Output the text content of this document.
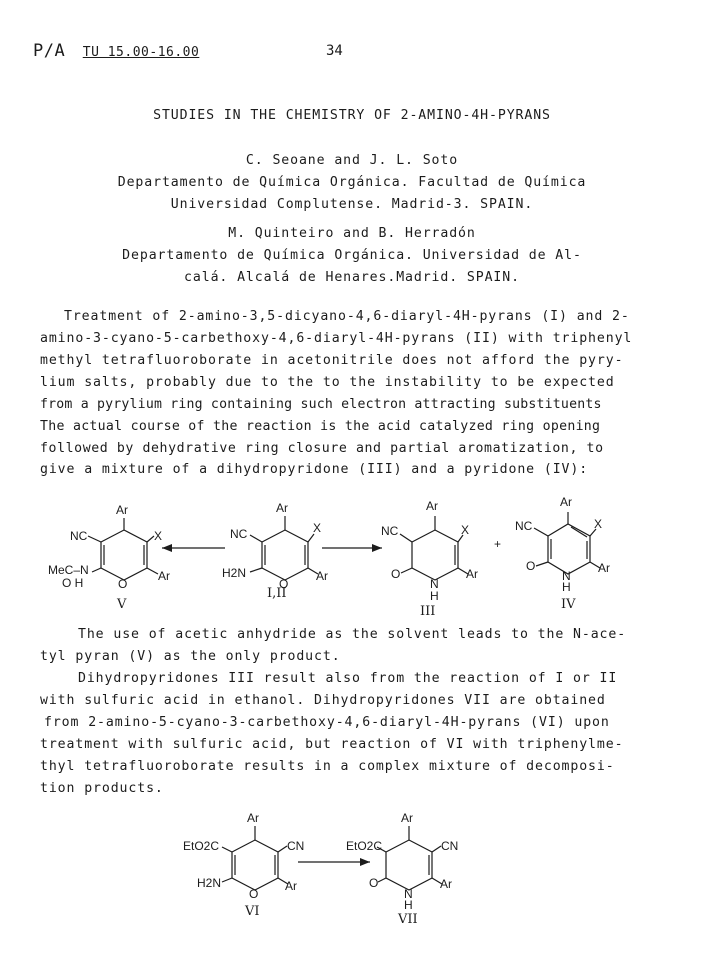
P/A TU 15.00-16.00	34
STUDIES IN THE CHEMISTRY OF 2-AMINO-4H-PYRANS
C. Seoane and J. L. Soto
Departamento de Química Orgánica. Facultad de Química
Universidad Complutense. Madrid-3. SPAIN.
M. Quinteiro and B. Herradón
Departamento de Química Orgánica. Universidad de Al-
calá. Alcalá de Henares.Madrid. SPAIN.
Treatment of 2-amino-3,5-dicyano-4,6-diaryl-4H-pyrans (I) and 2-
amino-3-cyano-5-carbethoxy-4,6-diaryl-4H-pyrans (II) with triphenyl
methyl tetrafluoroborate in acetonitrile does not afford the pyry-
lium salts, probably due to the to the instability to be expected
from a pyrylium ring containing such electron attracting substituents
The actual course of the reaction is the acid catalyzed ring opening
followed by dehydrative ring closure and partial aromatization, to
give a mixture of a dihydropyridone (III) and a pyridone (IV):
Ar
NC	X
O
Ar
MeC–N
O H
V
Ar
NC	X
O
Ar
H2N
I,II
Ar
NC	X
N
H
Ar
O
III
+
Ar
NC	X
N
H
Ar
O
IV
The use of acetic anhydride as the solvent leads to the N-ace-
tyl pyran (V) as the only product.
Dihydropyridones III result also from the reaction of I or II
with sulfuric acid in ethanol. Dihydropyridones VII are obtained
from 2-amino-5-cyano-3-carbethoxy-4,6-diaryl-4H-pyrans (VI) upon
treatment with sulfuric acid, but reaction of VI with triphenylme-
thyl tetrafluoroborate results in a complex mixture of decomposi-
tion products.
Ar
EtO2C	CN
O
Ar
H2N
VI
Ar
EtO2C	CN
N
H
Ar
O
VII
